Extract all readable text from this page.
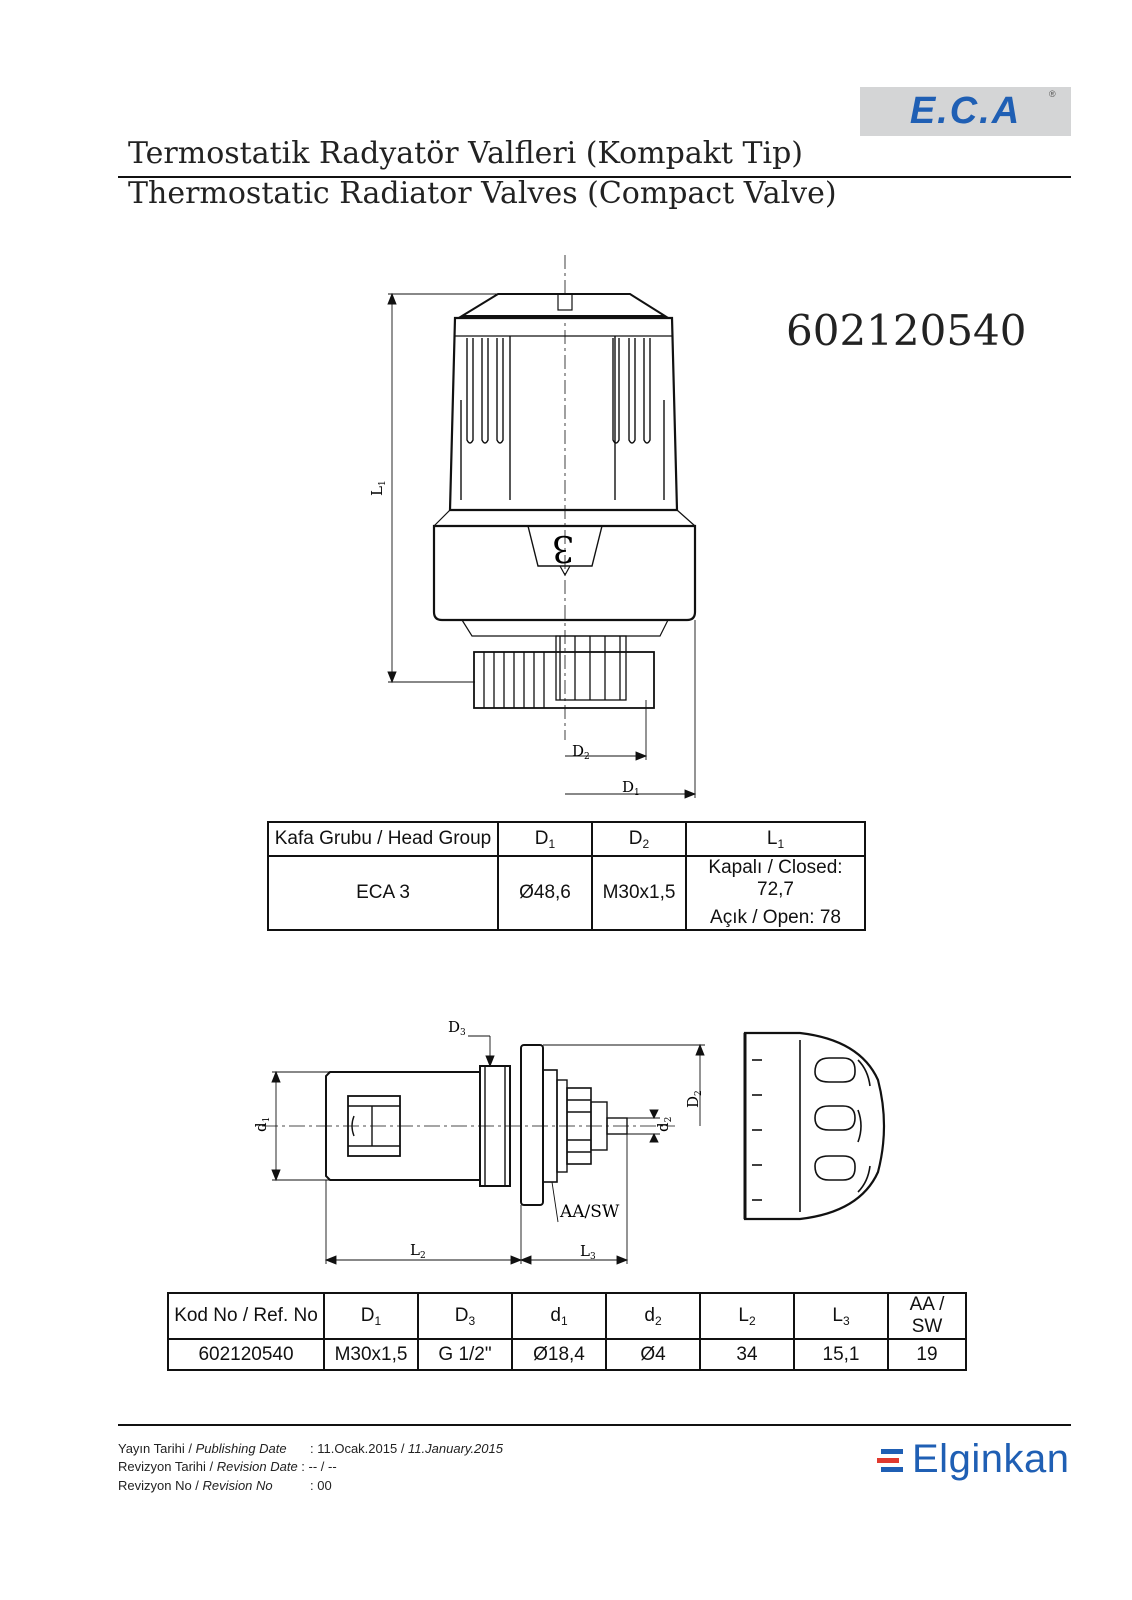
E.C.A	®
Termostatik Radyatör Valfleri (Kompakt Tip)
Thermostatic Radiator Valves (Compact Valve)
602120540
3
$L_1$
$D_2$
$D_1$
Kafa Grubu / Head Group	$D_1$	$D_2$	$L_1$
ECA 3	Ø48,6	M30x1,5	Kapalı / Closed: 72,7
Açık / Open: 78
$D_3$
$d_1$
$d_2$
$D_2$
AA/SW
$L_2$	$L_3$
Kod No / Ref. No	$D_1$	$D_3$	$d_1$	$d_2$	$L_2$	$L_3$	AA / SW
602120540	M30x1,5	G 1/2"	Ø18,4	Ø4	34	15,1	19
Yayın Tarihi / Publishing Date : 11.Ocak.2015 / 11.January.2015
Revizyon Tarihi / Revision Date : -- / --
Revizyon No / Revision No	: 00
Elginkan
